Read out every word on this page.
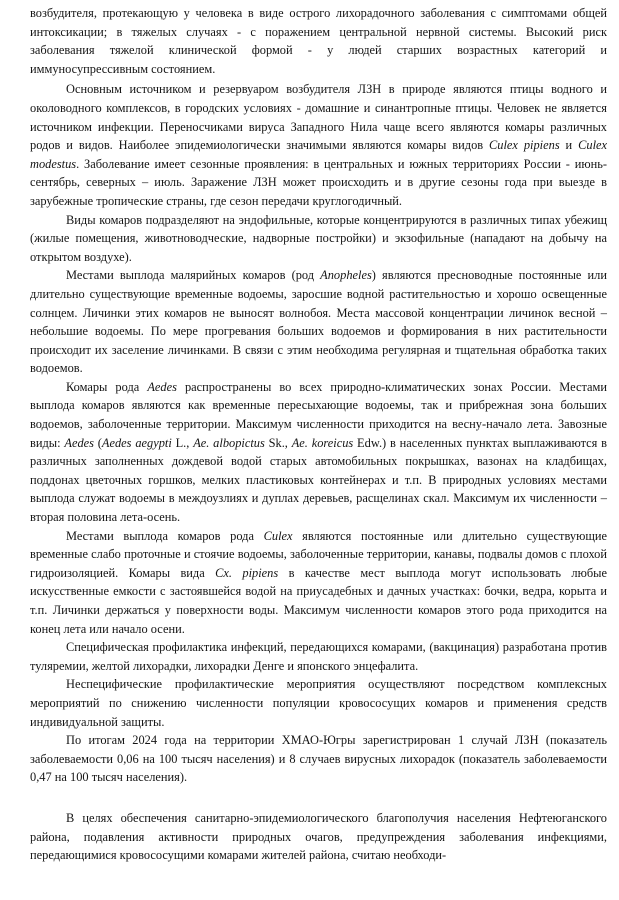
возбудителя, протекающую у человека в виде острого лихорадочного заболевания с симптомами общей интоксикации; в тяжелых случаях - с поражением центральной нервной системы. Высокий риск заболевания тяжелой клинической формой - у людей старших возрастных категорий и иммуносупрессивным состоянием.

Основным источником и резервуаром возбудителя ЛЗН в природе являются птицы водного и околоводного комплексов, в городских условиях - домашние и синантропные птицы. Человек не является источником инфекции. Переносчиками вируса Западного Нила чаще всего являются комары различных родов и видов. Наиболее эпидемиологически значимыми являются комары видов Culex pipiens и Culex modestus. Заболевание имеет сезонные проявления: в центральных и южных территориях России - июнь- сентябрь, северных – июль. Заражение ЛЗН может происходить и в другие сезоны года при выезде в зарубежные тропические страны, где сезон передачи круглогодичный.

Виды комаров подразделяют на эндофильные, которые концентрируются в различных типах убежищ (жилые помещения, животноводческие, надворные постройки) и экзофильные (нападают на добычу на открытом воздухе).

Местами выплода малярийных комаров (род Anopheles) являются пресноводные постоянные или длительно существующие временные водоемы, заросшие водной растительностью и хорошо освещенные солнцем. Личинки этих комаров не выносят волнобоя. Места массовой концентрации личинок весной – небольшие водоемы. По мере прогревания больших водоемов и формирования в них растительности происходит их заселение личинками. В связи с этим необходима регулярная и тщательная обработка таких водоемов.

Комары рода Aedes распространены во всех природно-климатических зонах России. Местами выплода комаров являются как временные пересыхающие водоемы, так и прибрежная зона больших водоемов, заболоченные территории. Максимум численности приходится на весну-начало лета. Завозные виды: Aedes (Aedes aegypti L., Ae. albopictus Sk., Ae. koreicus Edw.) в населенных пунктах выплаживаются в различных заполненных дождевой водой старых автомобильных покрышках, вазонах на кладбищах, поддонах цветочных горшков, мелких пластиковых контейнерах и т.п. В природных условиях местами выплода служат водоемы в междоузлиях и дуплах деревьев, расщелинах скал. Максимум их численности – вторая половина лета-осень.

Местами выплода комаров рода Culex являются постоянные или длительно существующие временные слабо проточные и стоячие водоемы, заболоченные территории, канавы, подвалы домов с плохой гидроизоляцией. Комары вида Cx. pipiens в качестве мест выплода могут использовать любые искусственные емкости с застоявшейся водой на приусадебных и дачных участках: бочки, ведра, корыта и т.п. Личинки держаться у поверхности воды. Максимум численности комаров этого рода приходится на конец лета или начало осени.

Специфическая профилактика инфекций, передающихся комарами, (вакцинация) разработана против туляремии, желтой лихорадки, лихорадки Денге и японского энцефалита.

Неспецифические профилактические мероприятия осуществляют посредством комплексных мероприятий по снижению численности популяции кровососущих комаров и применения средств индивидуальной защиты.

По итогам 2024 года на территории ХМАО-Югры зарегистрирован 1 случай ЛЗН (показатель заболеваемости 0,06 на 100 тысяч населения) и 8 случаев вирусных лихорадок (показатель заболеваемости 0,47 на 100 тысяч населения).

В целях обеспечения санитарно-эпидемиологического благополучия населения Нефтеюганского района, подавления активности природных очагов, предупреждения заболевания инфекциями, передающимися кровососущими комарами жителей района, считаю необходи-
